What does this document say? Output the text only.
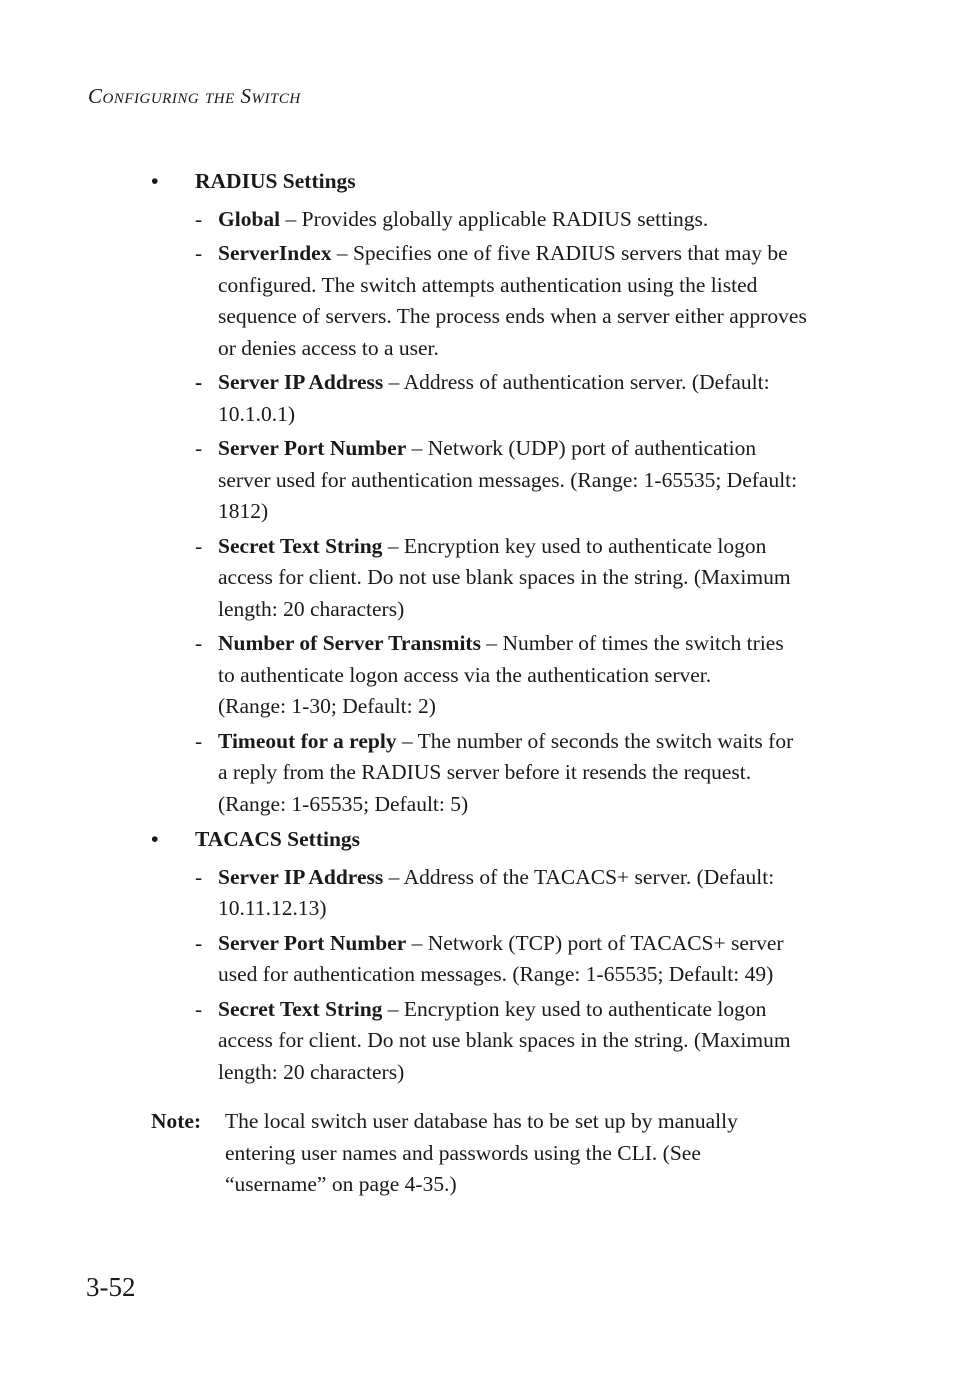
Configuring the Switch
•	RADIUS Settings
- Global – Provides globally applicable RADIUS settings.
- ServerIndex – Specifies one of five RADIUS servers that may be
configured. The switch attempts authentication using the listed
sequence of servers. The process ends when a server either approves
or denies access to a user.
- Server IP Address – Address of authentication server. (Default:
10.1.0.1)
- Server Port Number – Network (UDP) port of authentication
server used for authentication messages. (Range: 1-65535; Default:
1812)
- Secret Text String – Encryption key used to authenticate logon
access for client. Do not use blank spaces in the string. (Maximum
length: 20 characters)
- Number of Server Transmits – Number of times the switch tries
to authenticate logon access via the authentication server.
(Range: 1-30; Default: 2)
- Timeout for a reply – The number of seconds the switch waits for
a reply from the RADIUS server before it resends the request.
(Range: 1-65535; Default: 5)
•	TACACS Settings
- Server IP Address – Address of the TACACS+ server. (Default:
10.11.12.13)
- Server Port Number – Network (TCP) port of TACACS+ server
used for authentication messages. (Range: 1-65535; Default: 49)
- Secret Text String – Encryption key used to authenticate logon
access for client. Do not use blank spaces in the string. (Maximum
length: 20 characters)
Note: The local switch user database has to be set up by manually
entering user names and passwords using the CLI. (See
“username” on page 4-35.)
3-52
